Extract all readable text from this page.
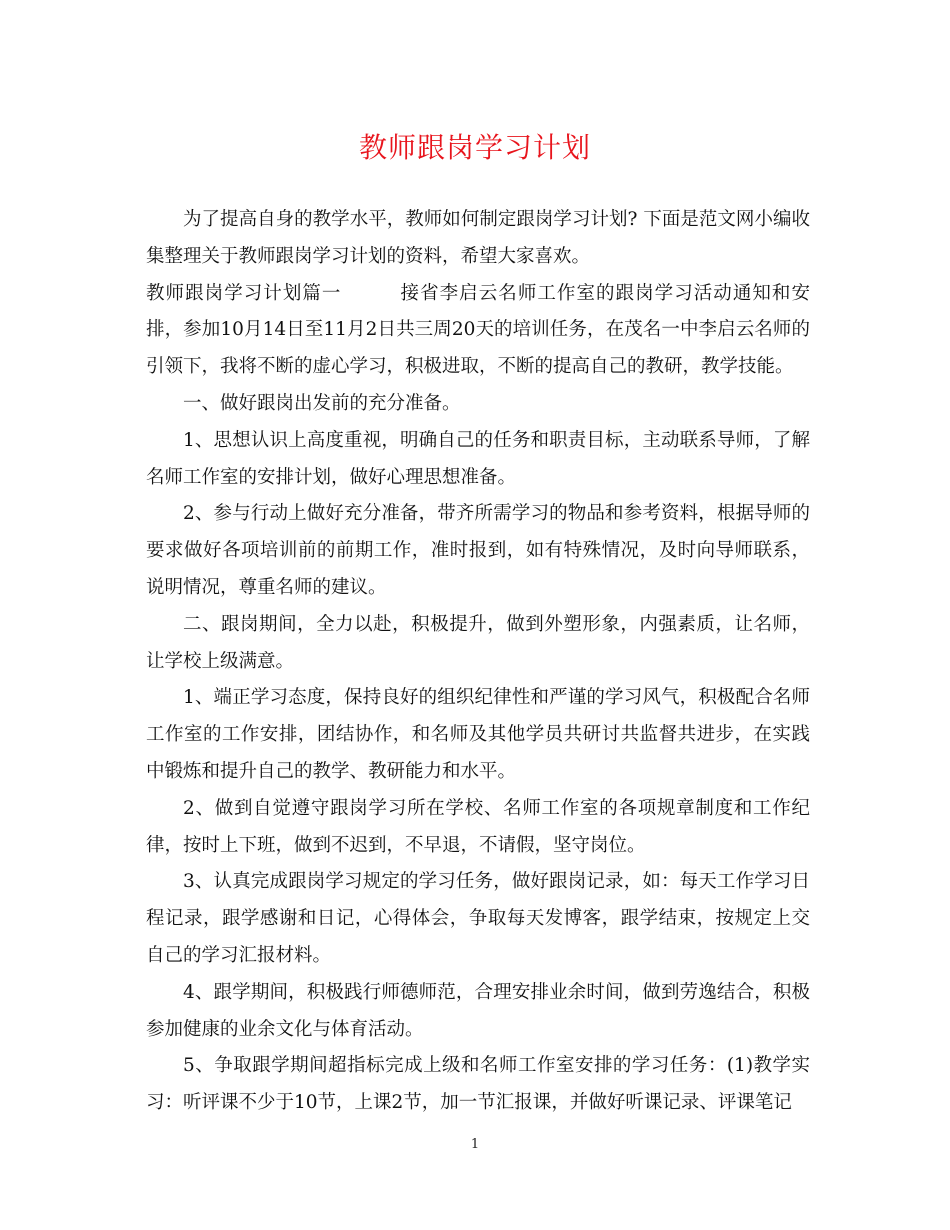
教师跟岗学习计划

为了提高自身的教学水平，教师如何制定跟岗学习计划? 下面是范文网小编收集整理关于教师跟岗学习计划的资料，希望大家喜欢。

教师跟岗学习计划篇一	接省李启云名师工作室的跟岗学习活动通知和安排，参加10月14日至11月2日共三周20天的培训任务，在茂名一中李启云名师的引领下，我将不断的虚心学习，积极进取，不断的提高自己的教研，教学技能。

一、做好跟岗出发前的充分准备。

1、思想认识上高度重视，明确自己的任务和职责目标，主动联系导师，了解名师工作室的安排计划，做好心理思想准备。

2、参与行动上做好充分准备，带齐所需学习的物品和参考资料，根据导师的要求做好各项培训前的前期工作，准时报到，如有特殊情况，及时向导师联系，说明情况，尊重名师的建议。

二、跟岗期间，全力以赴，积极提升，做到外塑形象，内强素质，让名师，让学校上级满意。

1、端正学习态度，保持良好的组织纪律性和严谨的学习风气，积极配合名师工作室的工作安排，团结协作，和名师及其他学员共研讨共监督共进步，在实践中锻炼和提升自己的教学、教研能力和水平。

2、做到自觉遵守跟岗学习所在学校、名师工作室的各项规章制度和工作纪律，按时上下班，做到不迟到，不早退，不请假，坚守岗位。

3、认真完成跟岗学习规定的学习任务，做好跟岗记录，如：每天工作学习日程记录，跟学感谢和日记，心得体会，争取每天发博客，跟学结束，按规定上交自己的学习汇报材料。

4、跟学期间，积极践行师德师范，合理安排业余时间，做到劳逸结合，积极参加健康的业余文化与体育活动。

5、争取跟学期间超指标完成上级和名师工作室安排的学习任务：(1)教学实习：听评课不少于10节，上课2节，加一节汇报课，并做好听课记录、评课笔记

1
